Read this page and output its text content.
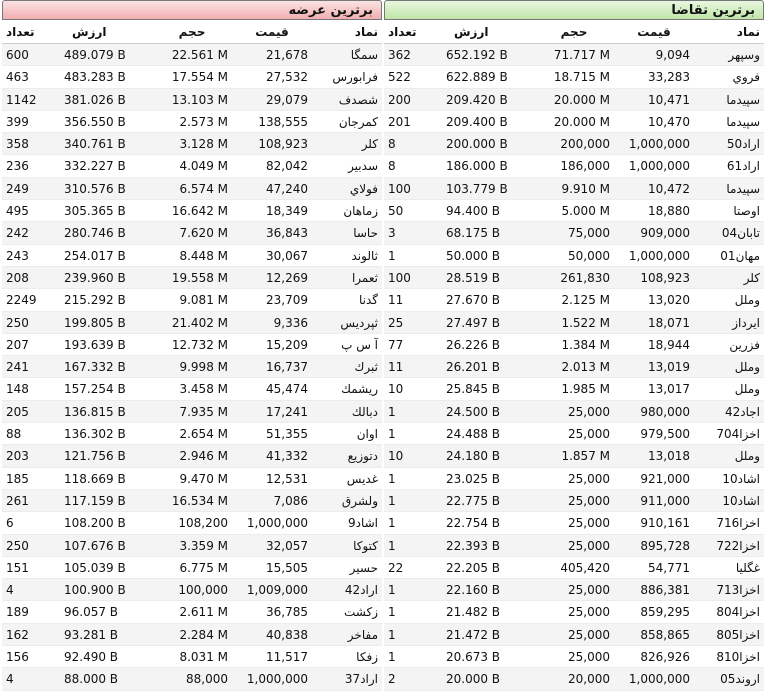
برترین عرضه
تعداد	ارزش	حجم	قیمت	نماد
600	489.079 B	22.561 M	21,678	سمگا
463	483.283 B	17.554 M	27,532	فرابورس
1142	381.026 B	13.103 M	29,079	شصدف
399	356.550 B	2.573 M	138,555	كمرجان
358	340.761 B	3.128 M	108,923	كلر
236	332.227 B	4.049 M	82,042	سدبير
249	310.576 B	6.574 M	47,240	فولاي
495	305.365 B	16.642 M	18,349	زماهان
242	280.746 B	7.620 M	36,843	حاسا
243	254.017 B	8.448 M	30,067	ثالوند
208	239.960 B	19.558 M	12,269	ثعمرا
2249	215.292 B	9.081 M	23,709	گدنا
250	199.805 B	21.402 M	9,336	ثپرديس
207	193.639 B	12.732 M	15,209	آ س پ
241	167.332 B	9.998 M	16,737	ثبرك
148	157.254 B	3.458 M	45,474	ريشمك
205	136.815 B	7.935 M	17,241	دبالك
88	136.302 B	2.654 M	51,355	اوان
203	121.756 B	2.946 M	41,332	دتوزيع
185	118.669 B	9.470 M	12,531	غديس
261	117.159 B	16.534 M	7,086	ولشرق
6	108.200 B	108,200	1,000,000	اشاد9
250	107.676 B	3.359 M	32,057	كتوكا
151	105.039 B	6.775 M	15,505	حسير
4	100.900 B	100,000	1,009,000	اراد42
189	96.057 B	2.611 M	36,785	زكشت
162	93.281 B	2.284 M	40,838	مفاخر
156	92.490 B	8.031 M	11,517	زفكا
4	88.000 B	88,000	1,000,000	اراد37
برترین تقاضا
تعداد	ارزش	حجم	قیمت	نماد
362	652.192 B	71.717 M	9,094	وسپهر
522	622.889 B	18.715 M	33,283	فروي
200	209.420 B	20.000 M	10,471	سپيدما
201	209.400 B	20.000 M	10,470	سپيدما
8	200.000 B	200,000	1,000,000	اراد50
8	186.000 B	186,000	1,000,000	اراد61
100	103.779 B	9.910 M	10,472	سپيدما
50	94.400 B	5.000 M	18,880	اوصتا
3	68.175 B	75,000	909,000	تابان04
1	50.000 B	50,000	1,000,000	مهان01
100	28.519 B	261,830	108,923	كلر
11	27.670 B	2.125 M	13,020	وملل
25	27.497 B	1.522 M	18,071	ايرداز
77	26.226 B	1.384 M	18,944	فزرين
11	26.201 B	2.013 M	13,019	وملل
10	25.845 B	1.985 M	13,017	وملل
1	24.500 B	25,000	980,000	اجاد42
1	24.488 B	25,000	979,500	اخزا704
10	24.180 B	1.857 M	13,018	وملل
1	23.025 B	25,000	921,000	اشاد10
1	22.775 B	25,000	911,000	اشاد10
1	22.754 B	25,000	910,161	اخزا716
1	22.393 B	25,000	895,728	اخزا722
22	22.205 B	405,420	54,771	غگليا
1	22.160 B	25,000	886,381	اخزا713
1	21.482 B	25,000	859,295	اخزا804
1	21.472 B	25,000	858,865	اخزا805
1	20.673 B	25,000	826,926	اخزا810
2	20.000 B	20,000	1,000,000	اروند05
